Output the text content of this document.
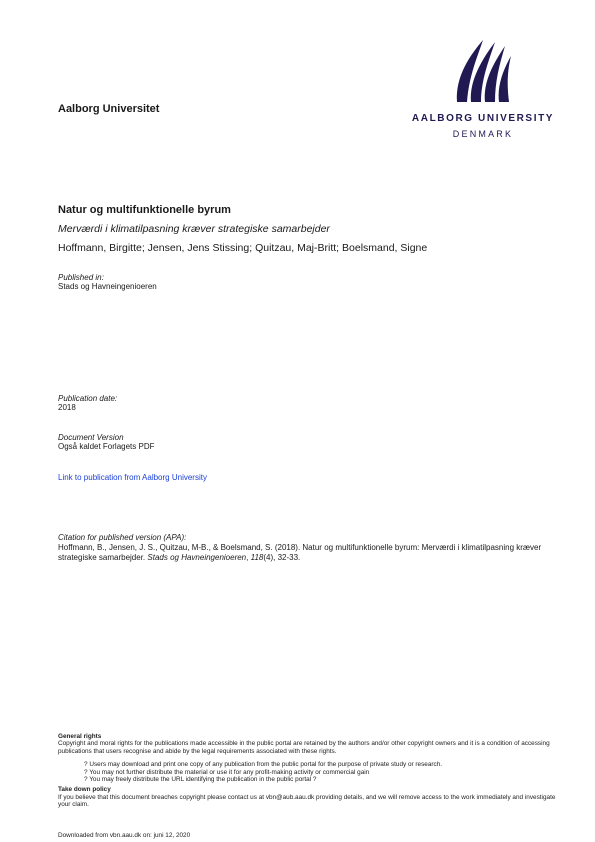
Aalborg Universitet
AALBORG UNIVERSITY
DENMARK
Natur og multifunktionelle byrum
Merværdi i klimatilpasning kræver strategiske samarbejder
Hoffmann, Birgitte; Jensen, Jens Stissing; Quitzau, Maj-Britt; Boelsmand, Signe
Published in:
Stads og Havneingenioeren
Publication date:
2018
Document Version
Også kaldet Forlagets PDF
Link to publication from Aalborg University
Citation for published version (APA):
Hoffmann, B., Jensen, J. S., Quitzau, M-B., & Boelsmand, S. (2018). Natur og multifunktionelle byrum: Merværdi i klimatilpasning kræver strategiske samarbejder. Stads og Havneingenioeren, 118(4), 32-33.
General rights
Copyright and moral rights for the publications made accessible in the public portal are retained by the authors and/or other copyright owners and it is a condition of accessing publications that users recognise and abide by the legal requirements associated with these rights.
? Users may download and print one copy of any publication from the public portal for the purpose of private study or research.
? You may not further distribute the material or use it for any profit-making activity or commercial gain
? You may freely distribute the URL identifying the publication in the public portal ?
Take down policy
If you believe that this document breaches copyright please contact us at vbn@aub.aau.dk providing details, and we will remove access to the work immediately and investigate your claim.
Downloaded from vbn.aau.dk on: juni 12, 2020
